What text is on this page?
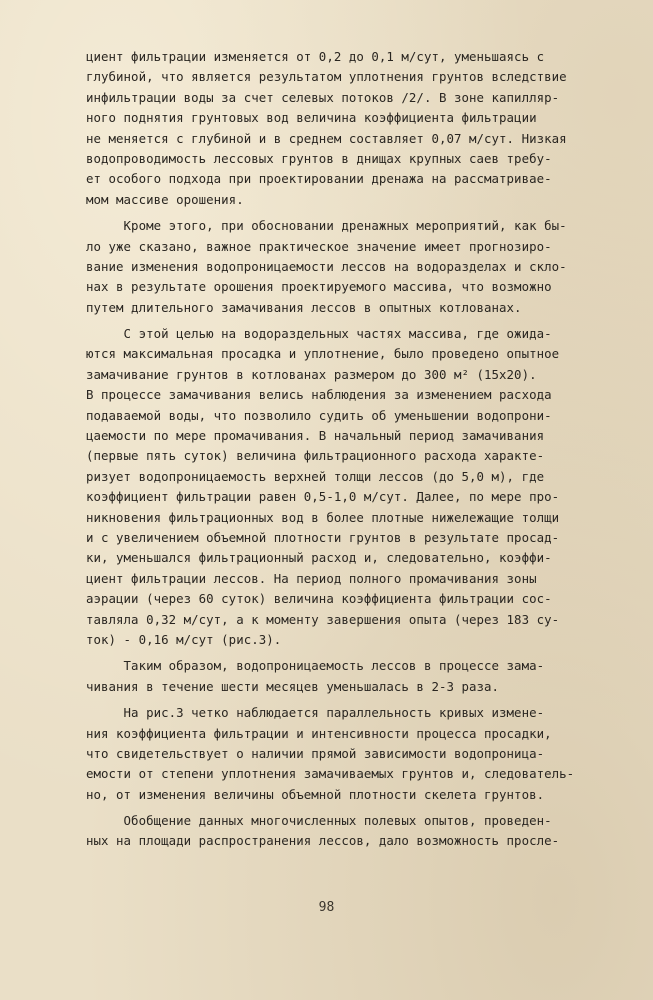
циент фильтрации изменяется от 0,2 до 0,1 м/сут, уменьшаясь с
глубиной, что является результатом уплотнения грунтов вследствие
инфильтрации воды за счет селевых потоков /2/. В зоне капилляр-
ного поднятия грунтовых вод величина коэффициента фильтрации
не меняется с глубиной и в среднем составляет 0,07 м/сут. Низкая
водопроводимость лессовых грунтов в днищах крупных саев требу-
ет особого подхода при проектировании дренажа на рассматривае-
мом массиве орошения.
Кроме этого, при обосновании дренажных мероприятий, как бы-
ло уже сказано, важное практическое значение имеет прогнозиро-
вание изменения водопроницаемости лессов на водоразделах и скло-
нах в результате орошения проектируемого массива, что возможно
путем длительного замачивания лессов в опытных котлованах.
С этой целью на водораздельных частях массива, где ожида-
ются максимальная просадка и уплотнение, было проведено опытное
замачивание грунтов в котлованах размером до 300 м² (15х20).
В процессе замачивания велись наблюдения за изменением расхода
подаваемой воды, что позволило судить об уменьшении водопрони-
цаемости по мере промачивания. В начальный период замачивания
(первые пять суток) величина фильтрационного расхода характе-
ризует водопроницаемость верхней толщи лессов (до 5,0 м), где
коэффициент фильтрации равен 0,5-1,0 м/сут. Далее, по мере про-
никновения фильтрационных вод в более плотные нижележащие толщи
и с увеличением объемной плотности грунтов в результате просад-
ки, уменьшался фильтрационный расход и, следовательно, коэффи-
циент фильтрации лессов. На период полного промачивания зоны
аэрации (через 60 суток) величина коэффициента фильтрации сос-
тавляла 0,32 м/сут, а к моменту завершения опыта (через 183 су-
ток) - 0,16 м/сут (рис.3).
Таким образом, водопроницаемость лессов в процессе зама-
чивания в течение шести месяцев уменьшалась в 2-3 раза.
На рис.3 четко наблюдается параллельность кривых измене-
ния коэффициента фильтрации и интенсивности процесса просадки,
что свидетельствует о наличии прямой зависимости водопроница-
емости от степени уплотнения замачиваемых грунтов и, следователь-
но, от изменения величины объемной плотности скелета грунтов.
Обобщение данных многочисленных полевых опытов, проведен-
ных на площади распространения лессов, дало возможность просле-
98
